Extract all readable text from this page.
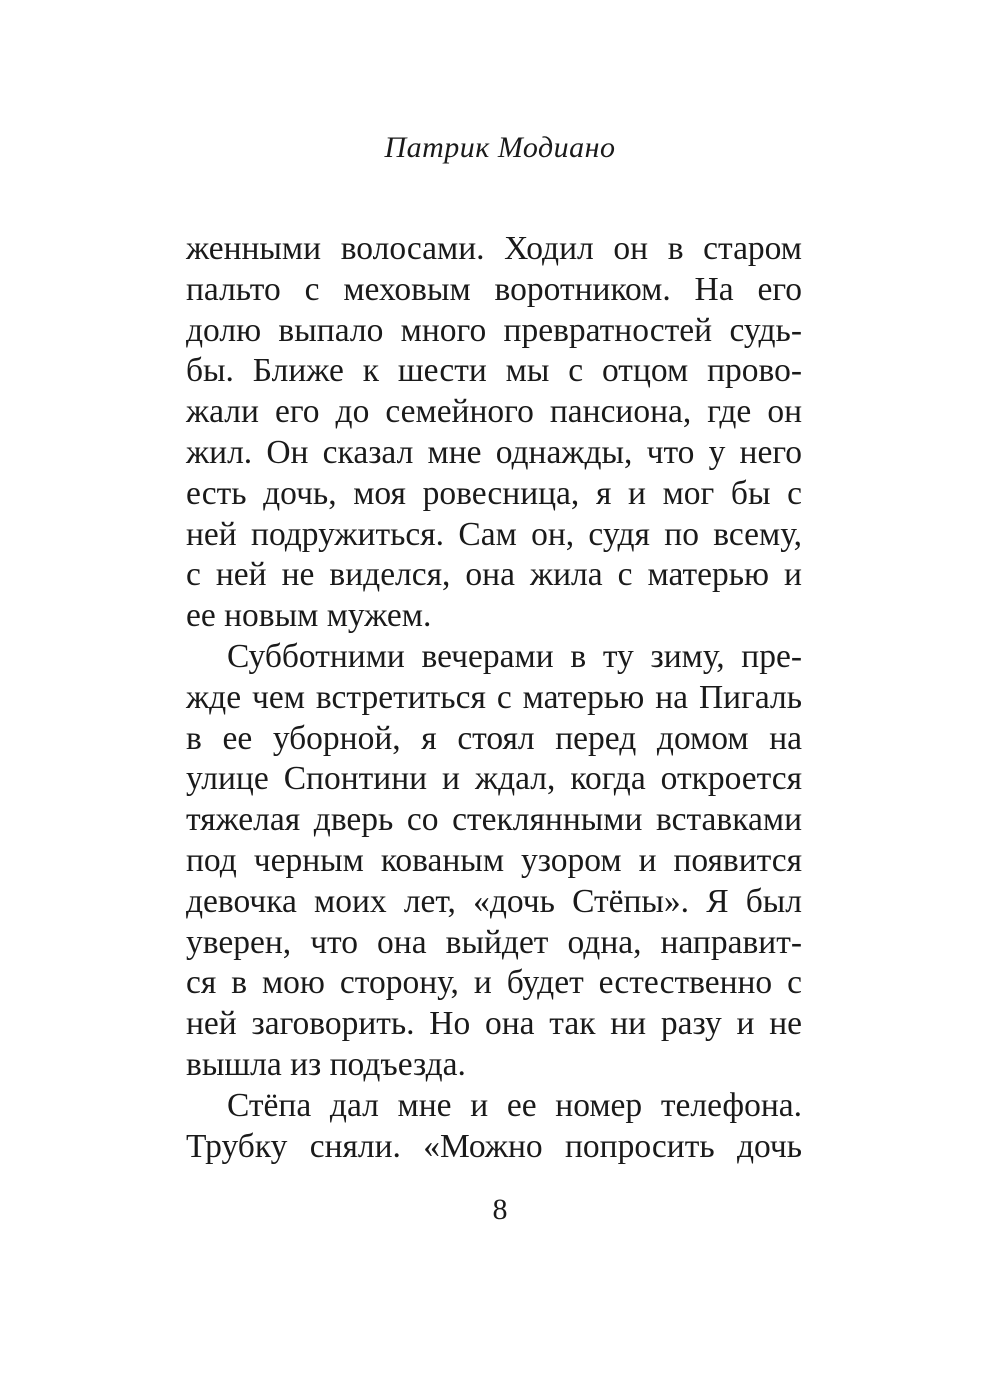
Патрик Модиано
женными волосами. Ходил он в старом
пальто с меховым воротником. На его
долю выпало много превратностей судь-
бы. Ближе к шести мы с отцом прово-
жали его до семейного пансиона, где он
жил. Он сказал мне однажды, что у него
есть дочь, моя ровесница, я и мог бы с
ней подружиться. Сам он, судя по всему,
с ней не виделся, она жила с матерью и
ее новым мужем.
Субботними вечерами в ту зиму, пре-
жде чем встретиться с матерью на Пигаль
в ее уборной, я стоял перед домом на
улице Спонтини и ждал, когда откроется
тяжелая дверь со стеклянными вставками
под черным кованым узором и появится
девочка моих лет, «дочь Стёпы». Я был
уверен, что она выйдет одна, направит-
ся в мою сторону, и будет естественно с
ней заговорить. Но она так ни разу и не
вышла из подъезда.
Стёпа дал мне и ее номер телефона.
Трубку сняли. «Можно попросить дочь
8
